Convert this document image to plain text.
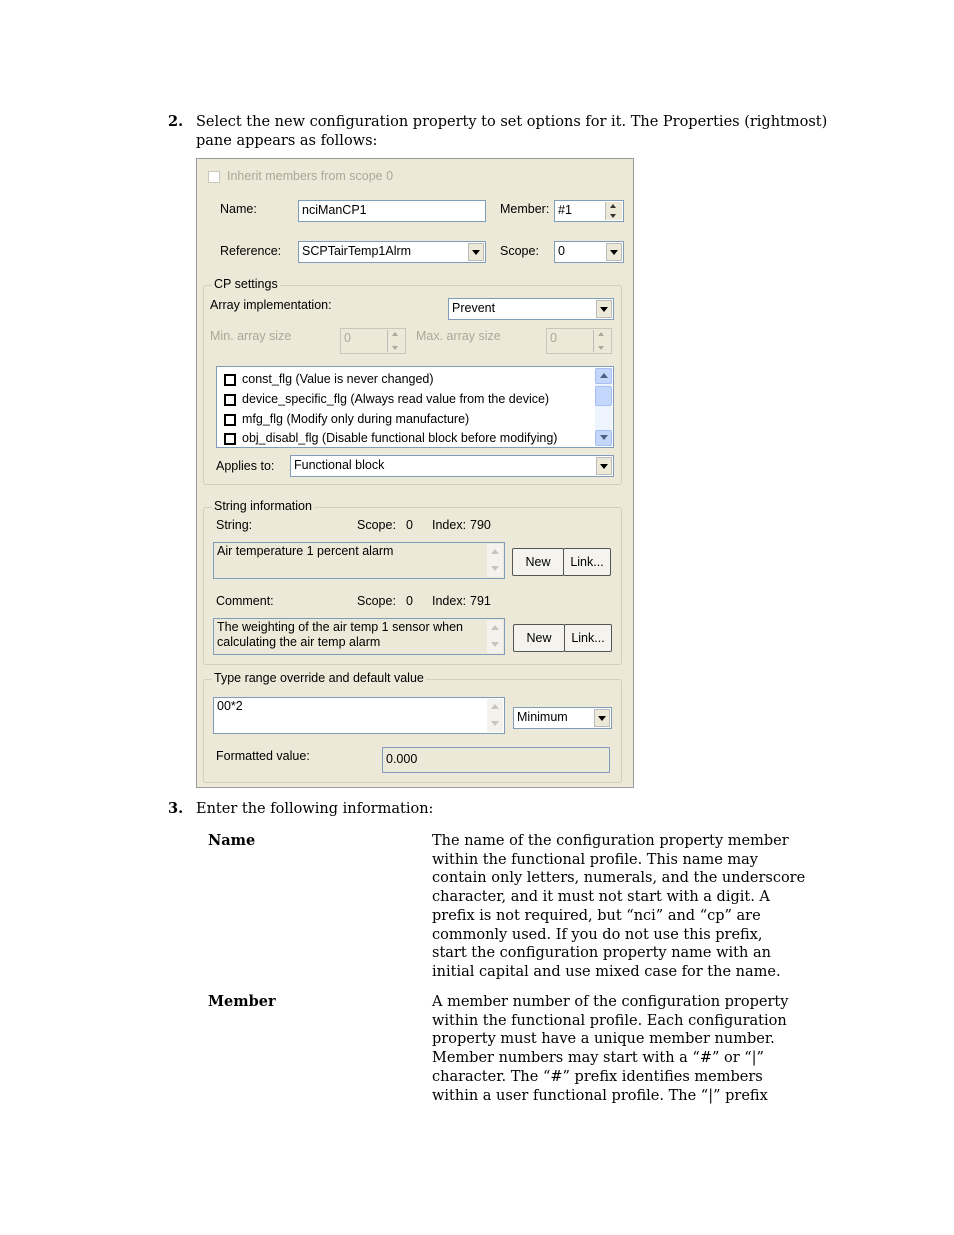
2. Select the new configuration property to set options for it. The Properties (rightmost)
pane appears as follows:
Inherit members from scope 0
Name:	nciManCP1	Member: #1
Reference:	SCPTairTemp1Alrm	Scope:	0
CP settings
Array implementation:	Prevent
Min. array size	0	Max. array size	0
const_flg (Value is never changed)
device_specific_flg (Always read value from the device)
mfg_flg (Modify only during manufacture)
obj_disabl_flg (Disable functional block before modifying)
Applies to:	Functional block
String information
String:	Scope: 0 Index: 790
Air temperature 1 percent alarm
New	Link...
Comment:	Scope: 0 Index: 791
The weighting of the air temp 1 sensor when
calculating the air temp alarm	New	Link...
Type range override and default value
00*2
Minimum
Formatted value:	0.000
3. Enter the following information:
Name	The name of the configuration property member
within the functional profile. This name may
contain only letters, numerals, and the underscore
character, and it must not start with a digit. A
prefix is not required, but “nci” and “cp” are
commonly used. If you do not use this prefix,
start the configuration property name with an
initial capital and use mixed case for the name.
Member	A member number of the configuration property
within the functional profile. Each configuration
property must have a unique member number.
Member numbers may start with a “#” or “|”
character. The “#” prefix identifies members
within a user functional profile. The “|” prefix
